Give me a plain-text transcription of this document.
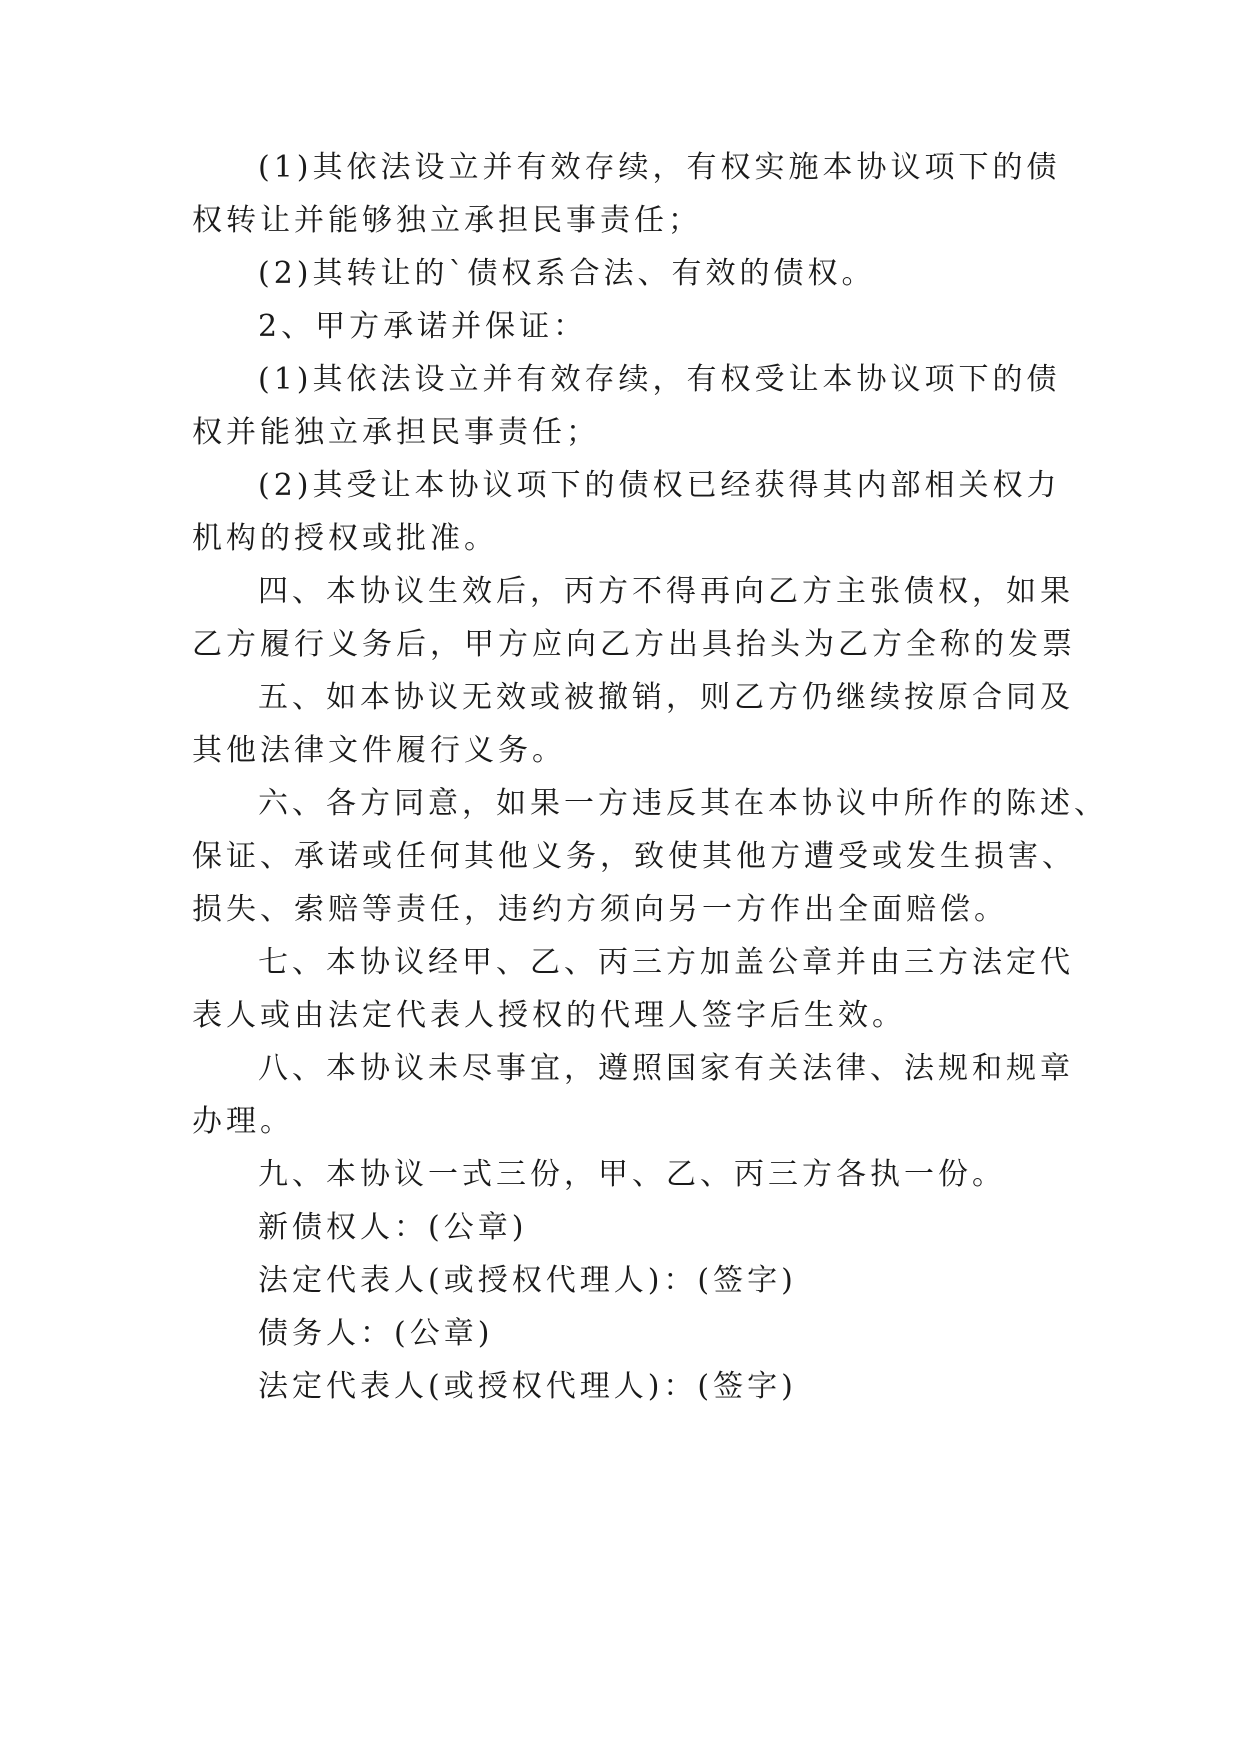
(1)其依法设立并有效存续，有权实施本协议项下的债
权转让并能够独立承担民事责任；
(2)其转让的`债权系合法、有效的债权。
2、甲方承诺并保证：
(1)其依法设立并有效存续，有权受让本协议项下的债
权并能独立承担民事责任；
(2)其受让本协议项下的债权已经获得其内部相关权力
机构的授权或批准。
四、本协议生效后，丙方不得再向乙方主张债权，如果
乙方履行义务后，甲方应向乙方出具抬头为乙方全称的发票
五、如本协议无效或被撤销，则乙方仍继续按原合同及
其他法律文件履行义务。
六、各方同意，如果一方违反其在本协议中所作的陈述、
保证、承诺或任何其他义务，致使其他方遭受或发生损害、
损失、索赔等责任，违约方须向另一方作出全面赔偿。
七、本协议经甲、乙、丙三方加盖公章并由三方法定代
表人或由法定代表人授权的代理人签字后生效。
八、本协议未尽事宜，遵照国家有关法律、法规和规章
办理。
九、本协议一式三份，甲、乙、丙三方各执一份。
新债权人：(公章)
法定代表人(或授权代理人)：(签字)
债务人：(公章)
法定代表人(或授权代理人)：(签字)
